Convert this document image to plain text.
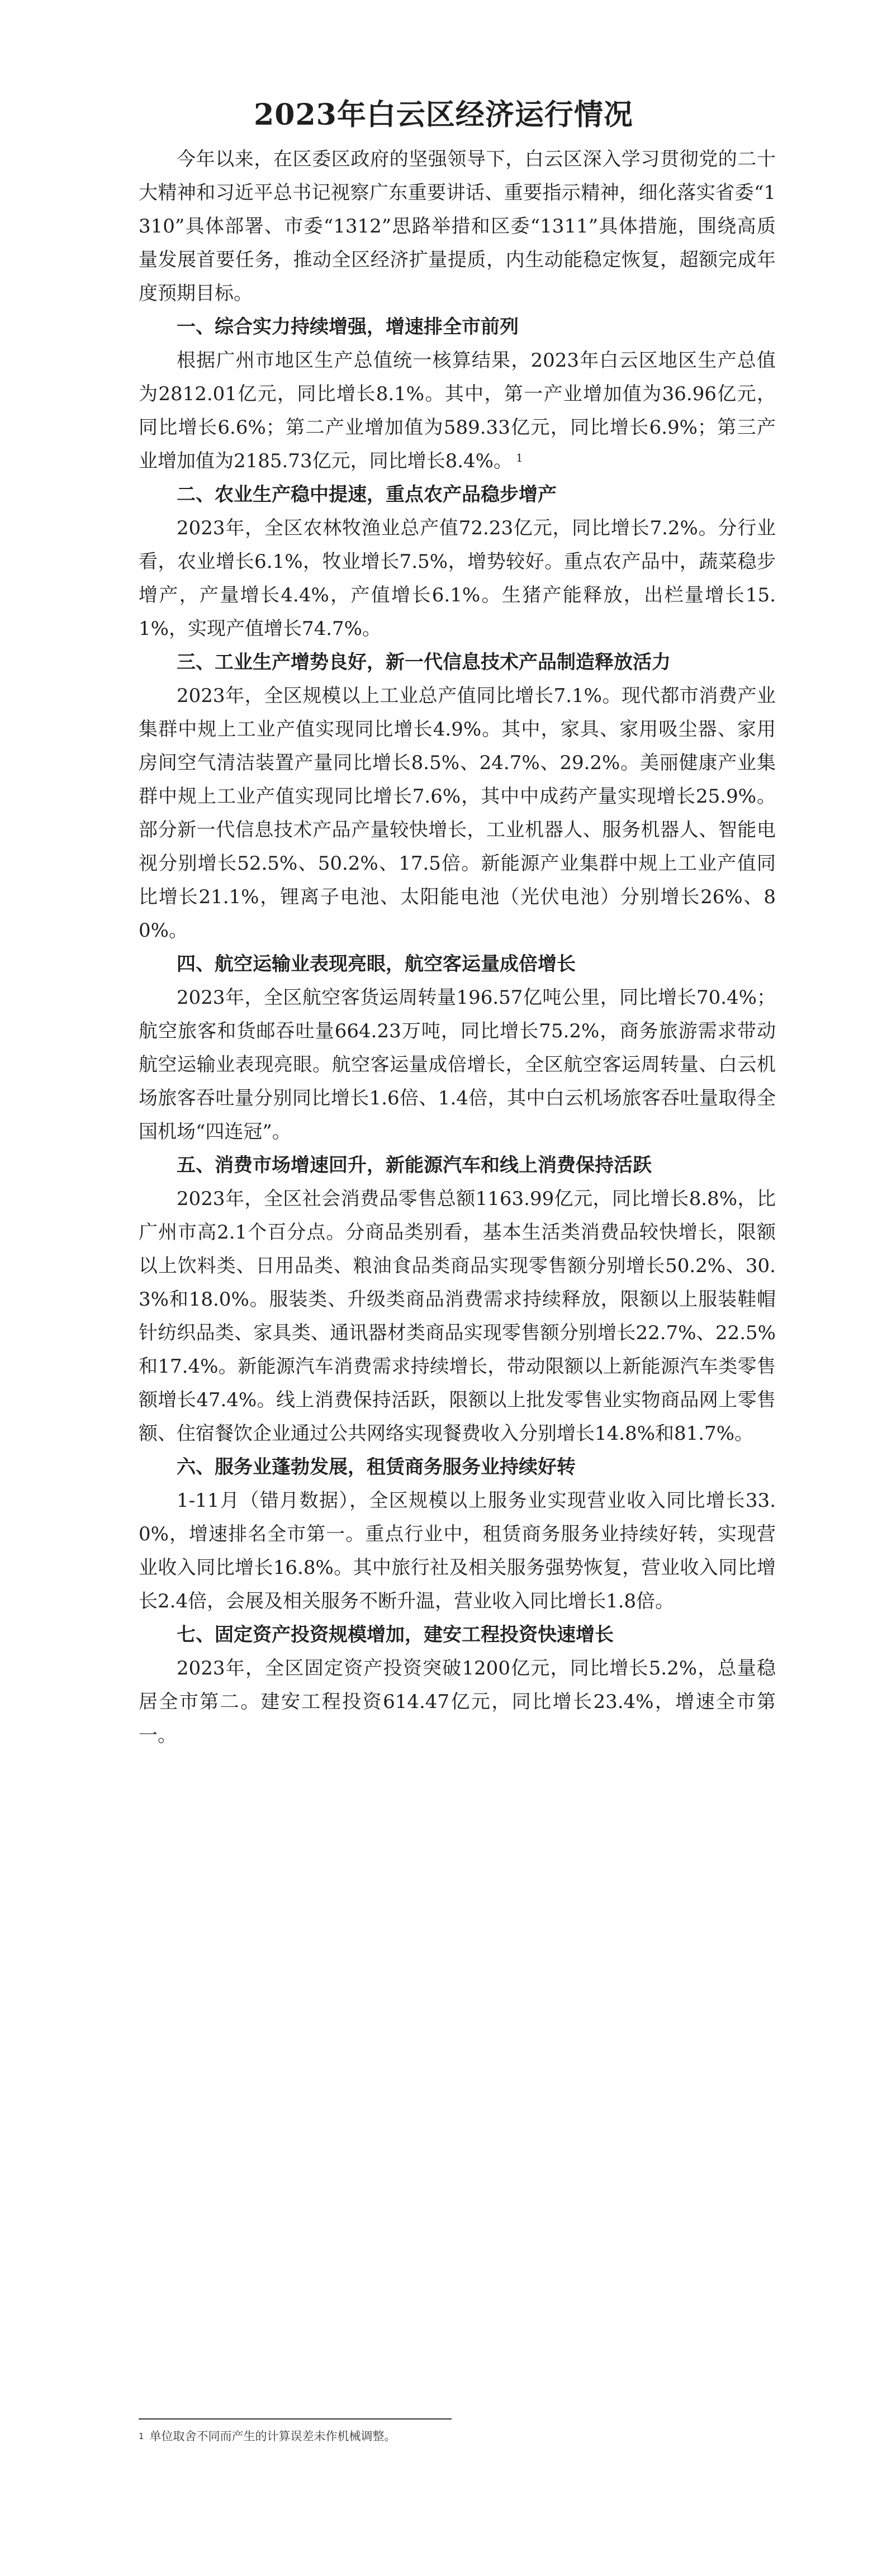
2023年白云区经济运行情况

今年以来，在区委区政府的坚强领导下，白云区深入学习贯彻党的二十大精神和习近平总书记视察广东重要讲话、重要指示精神，细化落实省委“1310”具体部署、市委“1312”思路举措和区委“1311”具体措施，围绕高质量发展首要任务，推动全区经济扩量提质，内生动能稳定恢复，超额完成年度预期目标。

一、综合实力持续增强，增速排全市前列

根据广州市地区生产总值统一核算结果，2023年白云区地区生产总值为2812.01亿元，同比增长8.1%。其中，第一产业增加值为36.96亿元，同比增长6.6%；第二产业增加值为589.33亿元，同比增长6.9%；第三产业增加值为2185.73亿元，同比增长8.4%。 $^1$

二、农业生产稳中提速，重点农产品稳步增产

2023年，全区农林牧渔业总产值72.23亿元，同比增长7.2%。分行业看，农业增长6.1%，牧业增长7.5%，增势较好。重点农产品中，蔬菜稳步增产，产量增长4.4%，产值增长6.1%。生猪产能释放，出栏量增长15.1%，实现产值增长74.7%。

三、工业生产增势良好，新一代信息技术产品制造释放活力

2023年，全区规模以上工业总产值同比增长7.1%。现代都市消费产业集群中规上工业产值实现同比增长4.9%。其中，家具、家用吸尘器、家用房间空气清洁装置产量同比增长8.5%、24.7%、29.2%。美丽健康产业集群中规上工业产值实现同比增长7.6%，其中中成药产量实现增长25.9%。部分新一代信息技术产品产量较快增长，工业机器人、服务机器人、智能电视分别增长52.5%、50.2%、17.5倍。新能源产业集群中规上工业产值同比增长21.1%，锂离子电池、太阳能电池（光伏电池）分别增长26%、80%。

四、航空运输业表现亮眼，航空客运量成倍增长

2023年，全区航空客货运周转量196.57亿吨公里，同比增长70.4%；航空旅客和货邮吞吐量664.23万吨，同比增长75.2%，商务旅游需求带动航空运输业表现亮眼。航空客运量成倍增长，全区航空客运周转量、白云机场旅客吞吐量分别同比增长1.6倍、1.4倍，其中白云机场旅客吞吐量取得全国机场“四连冠”。

五、消费市场增速回升，新能源汽车和线上消费保持活跃

2023年，全区社会消费品零售总额1163.99亿元，同比增长8.8%，比广州市高2.1个百分点。分商品类别看，基本生活类消费品较快增长，限额以上饮料类、日用品类、粮油食品类商品实现零售额分别增长50.2%、30.3%和18.0%。服装类、升级类商品消费需求持续释放，限额以上服装鞋帽针纺织品类、家具类、通讯器材类商品实现零售额分别增长22.7%、22.5%和17.4%。新能源汽车消费需求持续增长，带动限额以上新能源汽车类零售额增长47.4%。线上消费保持活跃，限额以上批发零售业实物商品网上零售额、住宿餐饮企业通过公共网络实现餐费收入分别增长14.8%和81.7%。

六、服务业蓬勃发展，租赁商务服务业持续好转

1-11月（错月数据），全区规模以上服务业实现营业收入同比增长33.0%，增速排名全市第一。重点行业中，租赁商务服务业持续好转，实现营业收入同比增长16.8%。其中旅行社及相关服务强势恢复，营业收入同比增长2.4倍，会展及相关服务不断升温，营业收入同比增长1.8倍。

七、固定资产投资规模增加，建安工程投资快速增长

2023年，全区固定资产投资突破1200亿元，同比增长5.2%，总量稳居全市第二。建安工程投资614.47亿元，同比增长23.4%，增速全市第一。

$^1$ 单位取舍不同而产生的计算误差未作机械调整。
